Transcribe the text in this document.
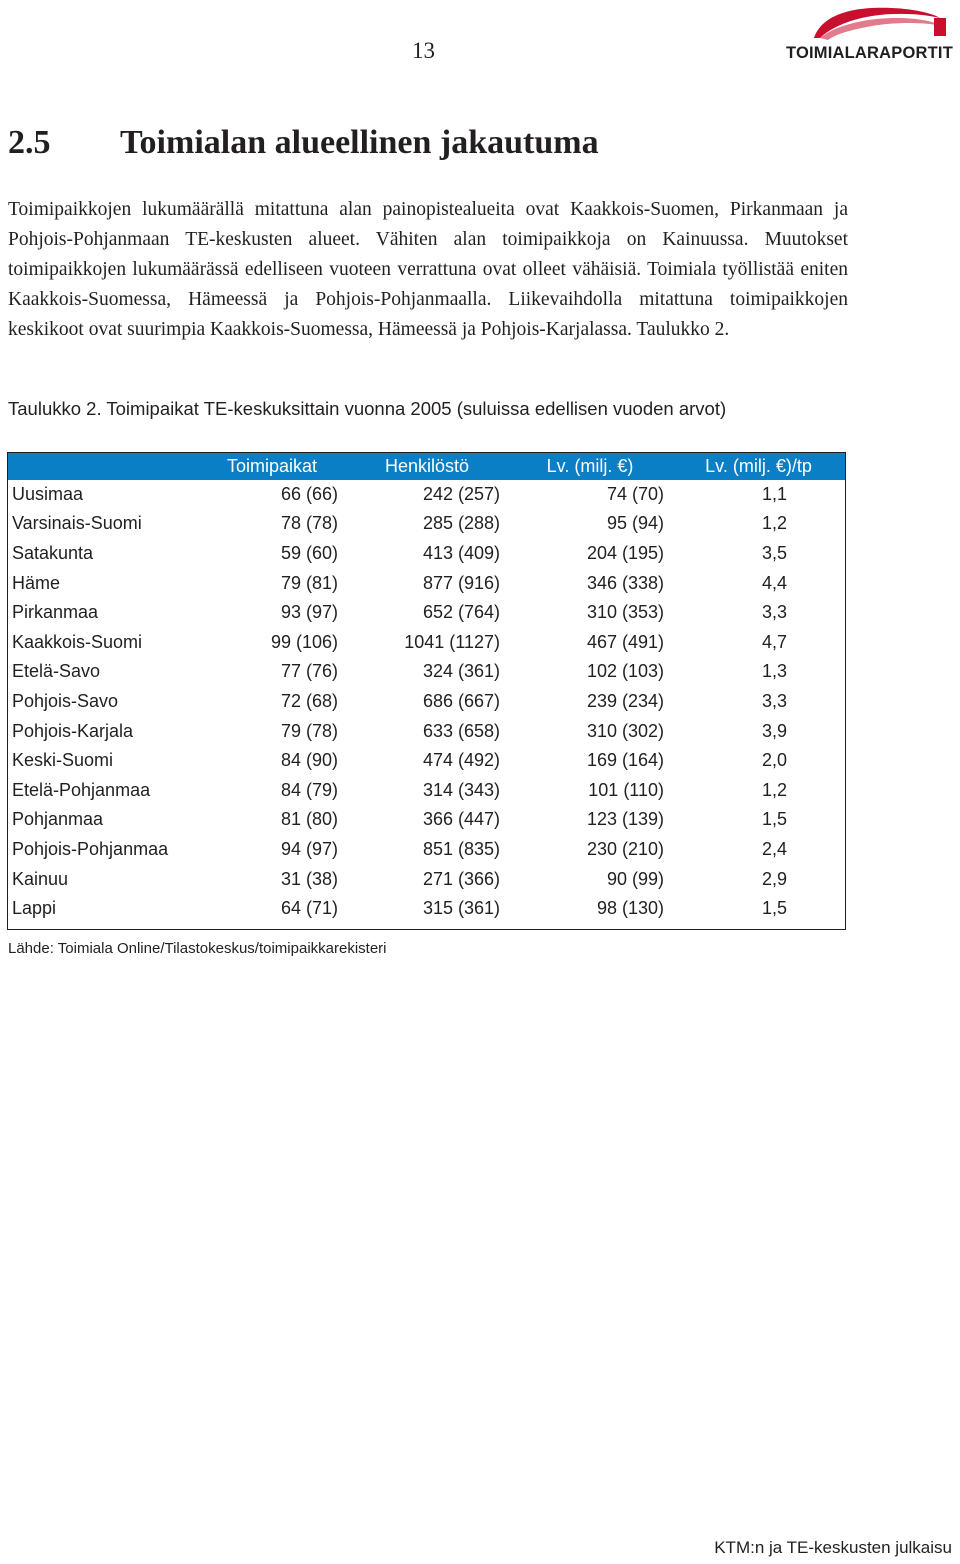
13	TOIMIALARAPORTIT
2.5 Toimialan alueellinen jakautuma

Toimipaikkojen lukumäärällä mitattuna alan painopistealueita ovat Kaakkois-Suomen, Pirkanmaan ja Pohjois-Pohjanmaan TE-keskusten alueet. Vähiten alan toimipaikkoja on Kainuussa. Muutokset toimipaikkojen lukumäärässä edelliseen vuoteen verrattuna ovat olleet vähäisiä. Toimiala työllistää eniten Kaakkois-Suomessa, Hämeessä ja Pohjois-Pohjanmaalla. Liikevaihdolla mitattuna toimipaikkojen keskikoot ovat suurimpia Kaakkois-Suomessa, Hämeessä ja Pohjois-Karjalassa. Taulukko 2.

Taulukko 2. Toimipaikat TE-keskuksittain vuonna 2005 (suluissa edellisen vuoden arvot)

	Toimipaikat	Henkilöstö	Lv. (milj. €)	Lv. (milj. €)/tp
Uusimaa	66 (66)	242 (257)	74 (70)	1,1
Varsinais-Suomi	78 (78)	285 (288)	95 (94)	1,2
Satakunta	59 (60)	413 (409)	204 (195)	3,5
Häme	79 (81)	877 (916)	346 (338)	4,4
Pirkanmaa	93 (97)	652 (764)	310 (353)	3,3
Kaakkois-Suomi	99 (106)	1041 (1127)	467 (491)	4,7
Etelä-Savo	77 (76)	324 (361)	102 (103)	1,3
Pohjois-Savo	72 (68)	686 (667)	239 (234)	3,3
Pohjois-Karjala	79 (78)	633 (658)	310 (302)	3,9
Keski-Suomi	84 (90)	474 (492)	169 (164)	2,0
Etelä-Pohjanmaa	84 (79)	314 (343)	101 (110)	1,2
Pohjanmaa	81 (80)	366 (447)	123 (139)	1,5
Pohjois-Pohjanmaa	94 (97)	851 (835)	230 (210)	2,4
Kainuu	31 (38)	271 (366)	90 (99)	2,9
Lappi	64 (71)	315 (361)	98 (130)	1,5

Lähde: Toimiala Online/Tilastokeskus/toimipaikkarekisteri

KTM:n ja TE-keskusten julkaisu
